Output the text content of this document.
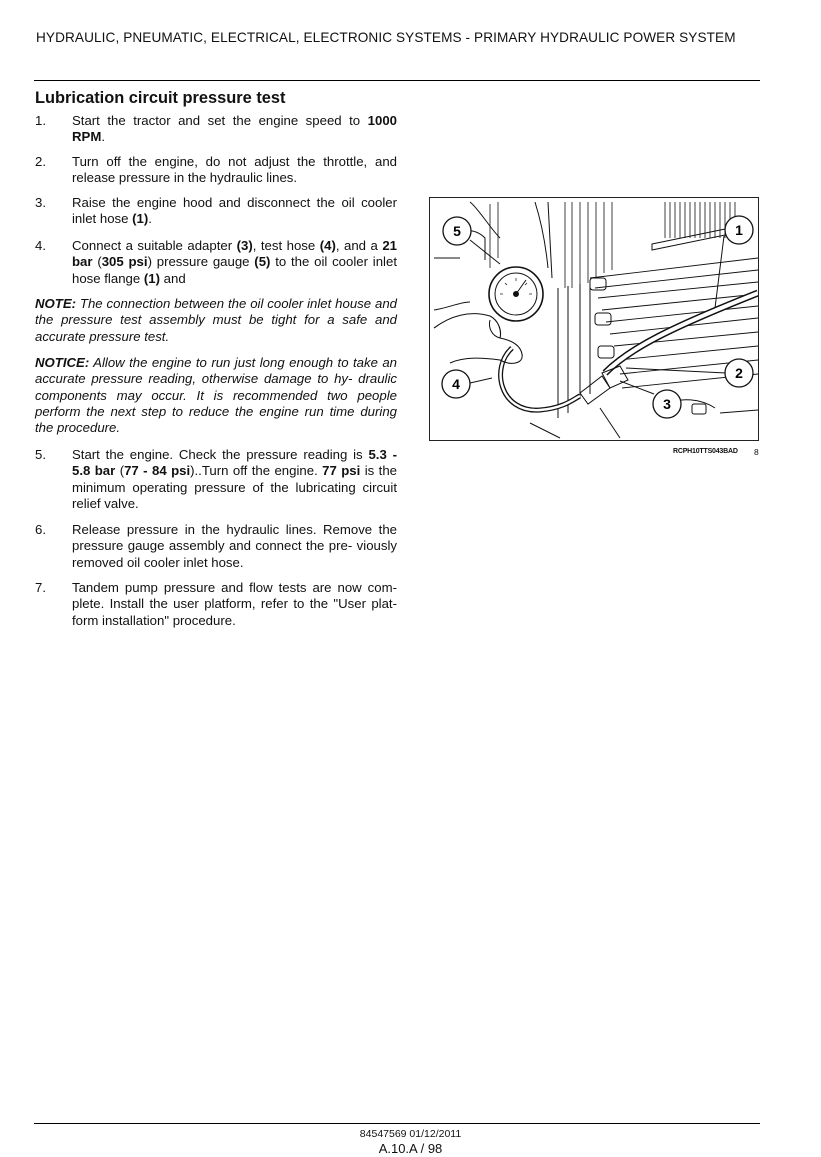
HYDRAULIC, PNEUMATIC, ELECTRICAL, ELECTRONIC SYSTEMS - PRIMARY HYDRAULIC POWER SYSTEM
Lubrication circuit pressure test
1.	Start the tractor and set the engine speed to 1000 RPM.
2.	Turn off the engine, do not adjust the throttle, and release pressure in the hydraulic lines.
3.	Raise the engine hood and disconnect the oil cooler inlet hose (1).
4.	Connect a suitable adapter (3), test hose (4), and a 21 bar (305 psi) pressure gauge (5) to the oil cooler inlet hose flange (1) and
NOTE: The connection between the oil cooler inlet house and the pressure test assembly must be tight for a safe and accurate pressure test.
NOTICE: Allow the engine to run just long enough to take an accurate pressure reading, otherwise damage to hy- draulic components may occur. It is recommended two people perform the next step to reduce the engine run time during the procedure.
5.	Start the engine. Check the pressure reading is 5.3 - 5.8 bar (77 - 84 psi)..Turn off the engine. 77 psi is the minimum operating pressure of the lubricating circuit relief valve.
6.	Release pressure in the hydraulic lines. Remove the pressure gauge assembly and connect the pre- viously removed oil cooler inlet hose.
7.	Tandem pump pressure and flow tests are now com- plete. Install the user platform, refer to the "User plat- form installation" procedure.
5	1
2
3
4
RCPH10TTS043BAD 8
84547569 01/12/2011
A.10.A / 98
